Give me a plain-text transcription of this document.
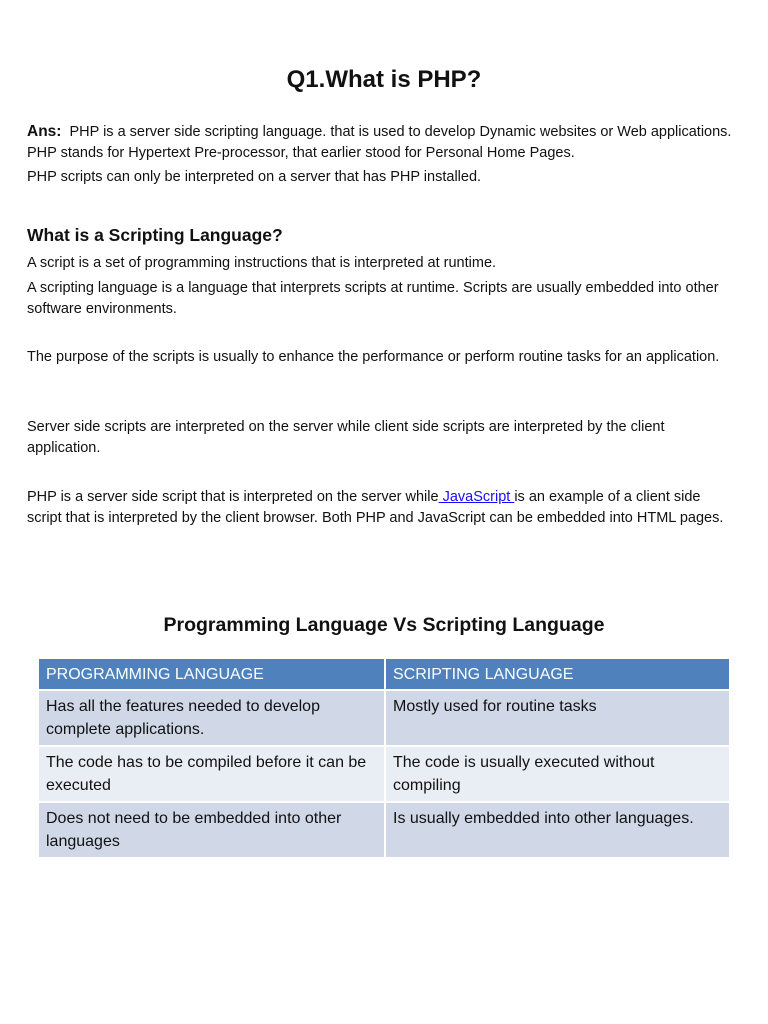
Q1.What is PHP?

Ans: PHP is a server side scripting language. that is used to develop Dynamic websites or Web applications. PHP stands for Hypertext Pre-processor, that earlier stood for Personal Home Pages.

PHP scripts can only be interpreted on a server that has PHP installed.

What is a Scripting Language?

A script is a set of programming instructions that is interpreted at runtime.

A scripting language is a language that interprets scripts at runtime. Scripts are usually embedded into other software environments.

The purpose of the scripts is usually to enhance the performance or perform routine tasks for an application.

Server side scripts are interpreted on the server while client side scripts are interpreted by the client application.

PHP is a server side script that is interpreted on the server while JavaScript is an example of a client side script that is interpreted by the client browser. Both PHP and JavaScript can be embedded into HTML pages.

Programming Language Vs Scripting Language
PROGRAMMING LANGUAGE	SCRIPTING LANGUAGE
Has all the features needed to develop complete applications.	Mostly used for routine tasks
The code has to be compiled before it can be executed	The code is usually executed without compiling
Does not need to be embedded into other languages	Is usually embedded into other languages.
